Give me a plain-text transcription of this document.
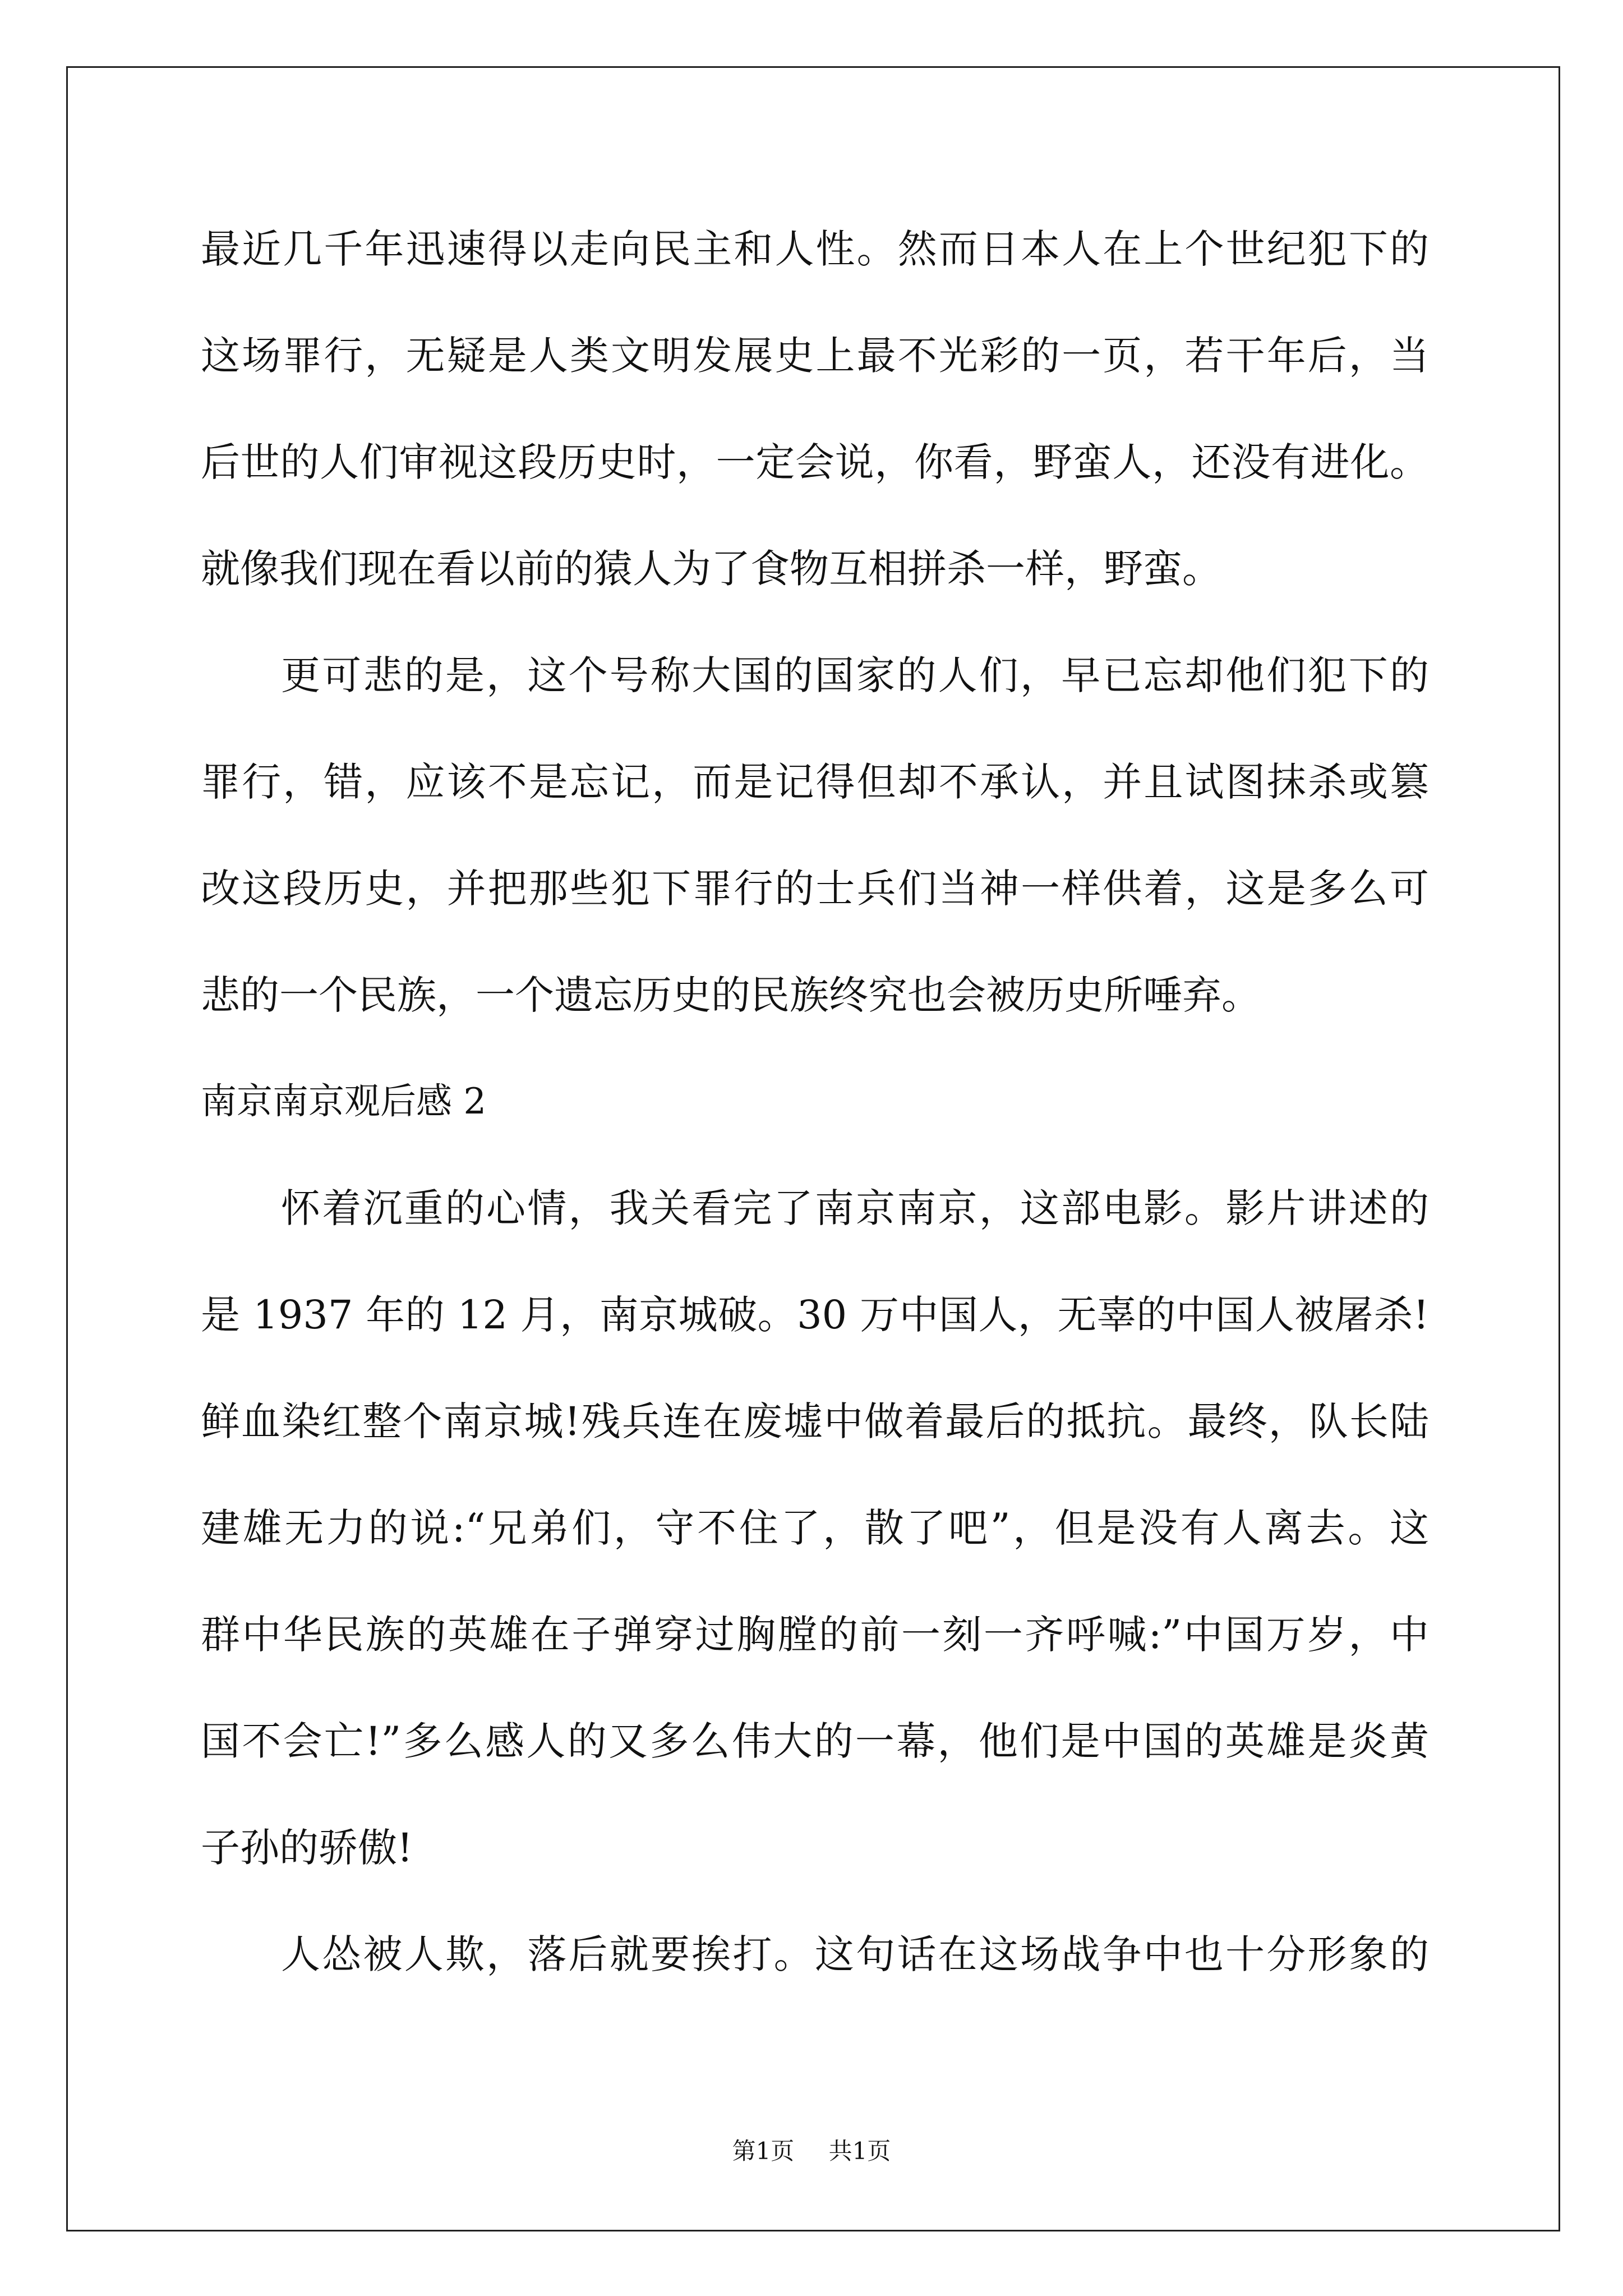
最近几千年迅速得以走向民主和人性。然而日本人在上个世纪犯下的
这场罪行，无疑是人类文明发展史上最不光彩的一页，若干年后，当
后世的人们审视这段历史时，一定会说，你看，野蛮人，还没有进化。
就像我们现在看以前的猿人为了食物互相拼杀一样，野蛮。
更可悲的是，这个号称大国的国家的人们，早已忘却他们犯下的
罪行，错，应该不是忘记，而是记得但却不承认，并且试图抹杀或篡
改这段历史，并把那些犯下罪行的士兵们当神一样供着，这是多么可
悲的一个民族，一个遗忘历史的民族终究也会被历史所唾弃。
南京南京观后感 2
怀着沉重的心情，我关看完了南京南京，这部电影。影片讲述的
是 1937 年的 12 月，南京城破。30 万中国人，无辜的中国人被屠杀!
鲜血染红整个南京城!残兵连在废墟中做着最后的抵抗。最终，队长陆
建雄无力的说:“兄弟们，守不住了，散了吧”，但是没有人离去。这
群中华民族的英雄在子弹穿过胸膛的前一刻一齐呼喊:”中国万岁，中
国不会亡!”多么感人的又多么伟大的一幕，他们是中国的英雄是炎黄
子孙的骄傲!
人怂被人欺，落后就要挨打。这句话在这场战争中也十分形象的
第1页 共1页
